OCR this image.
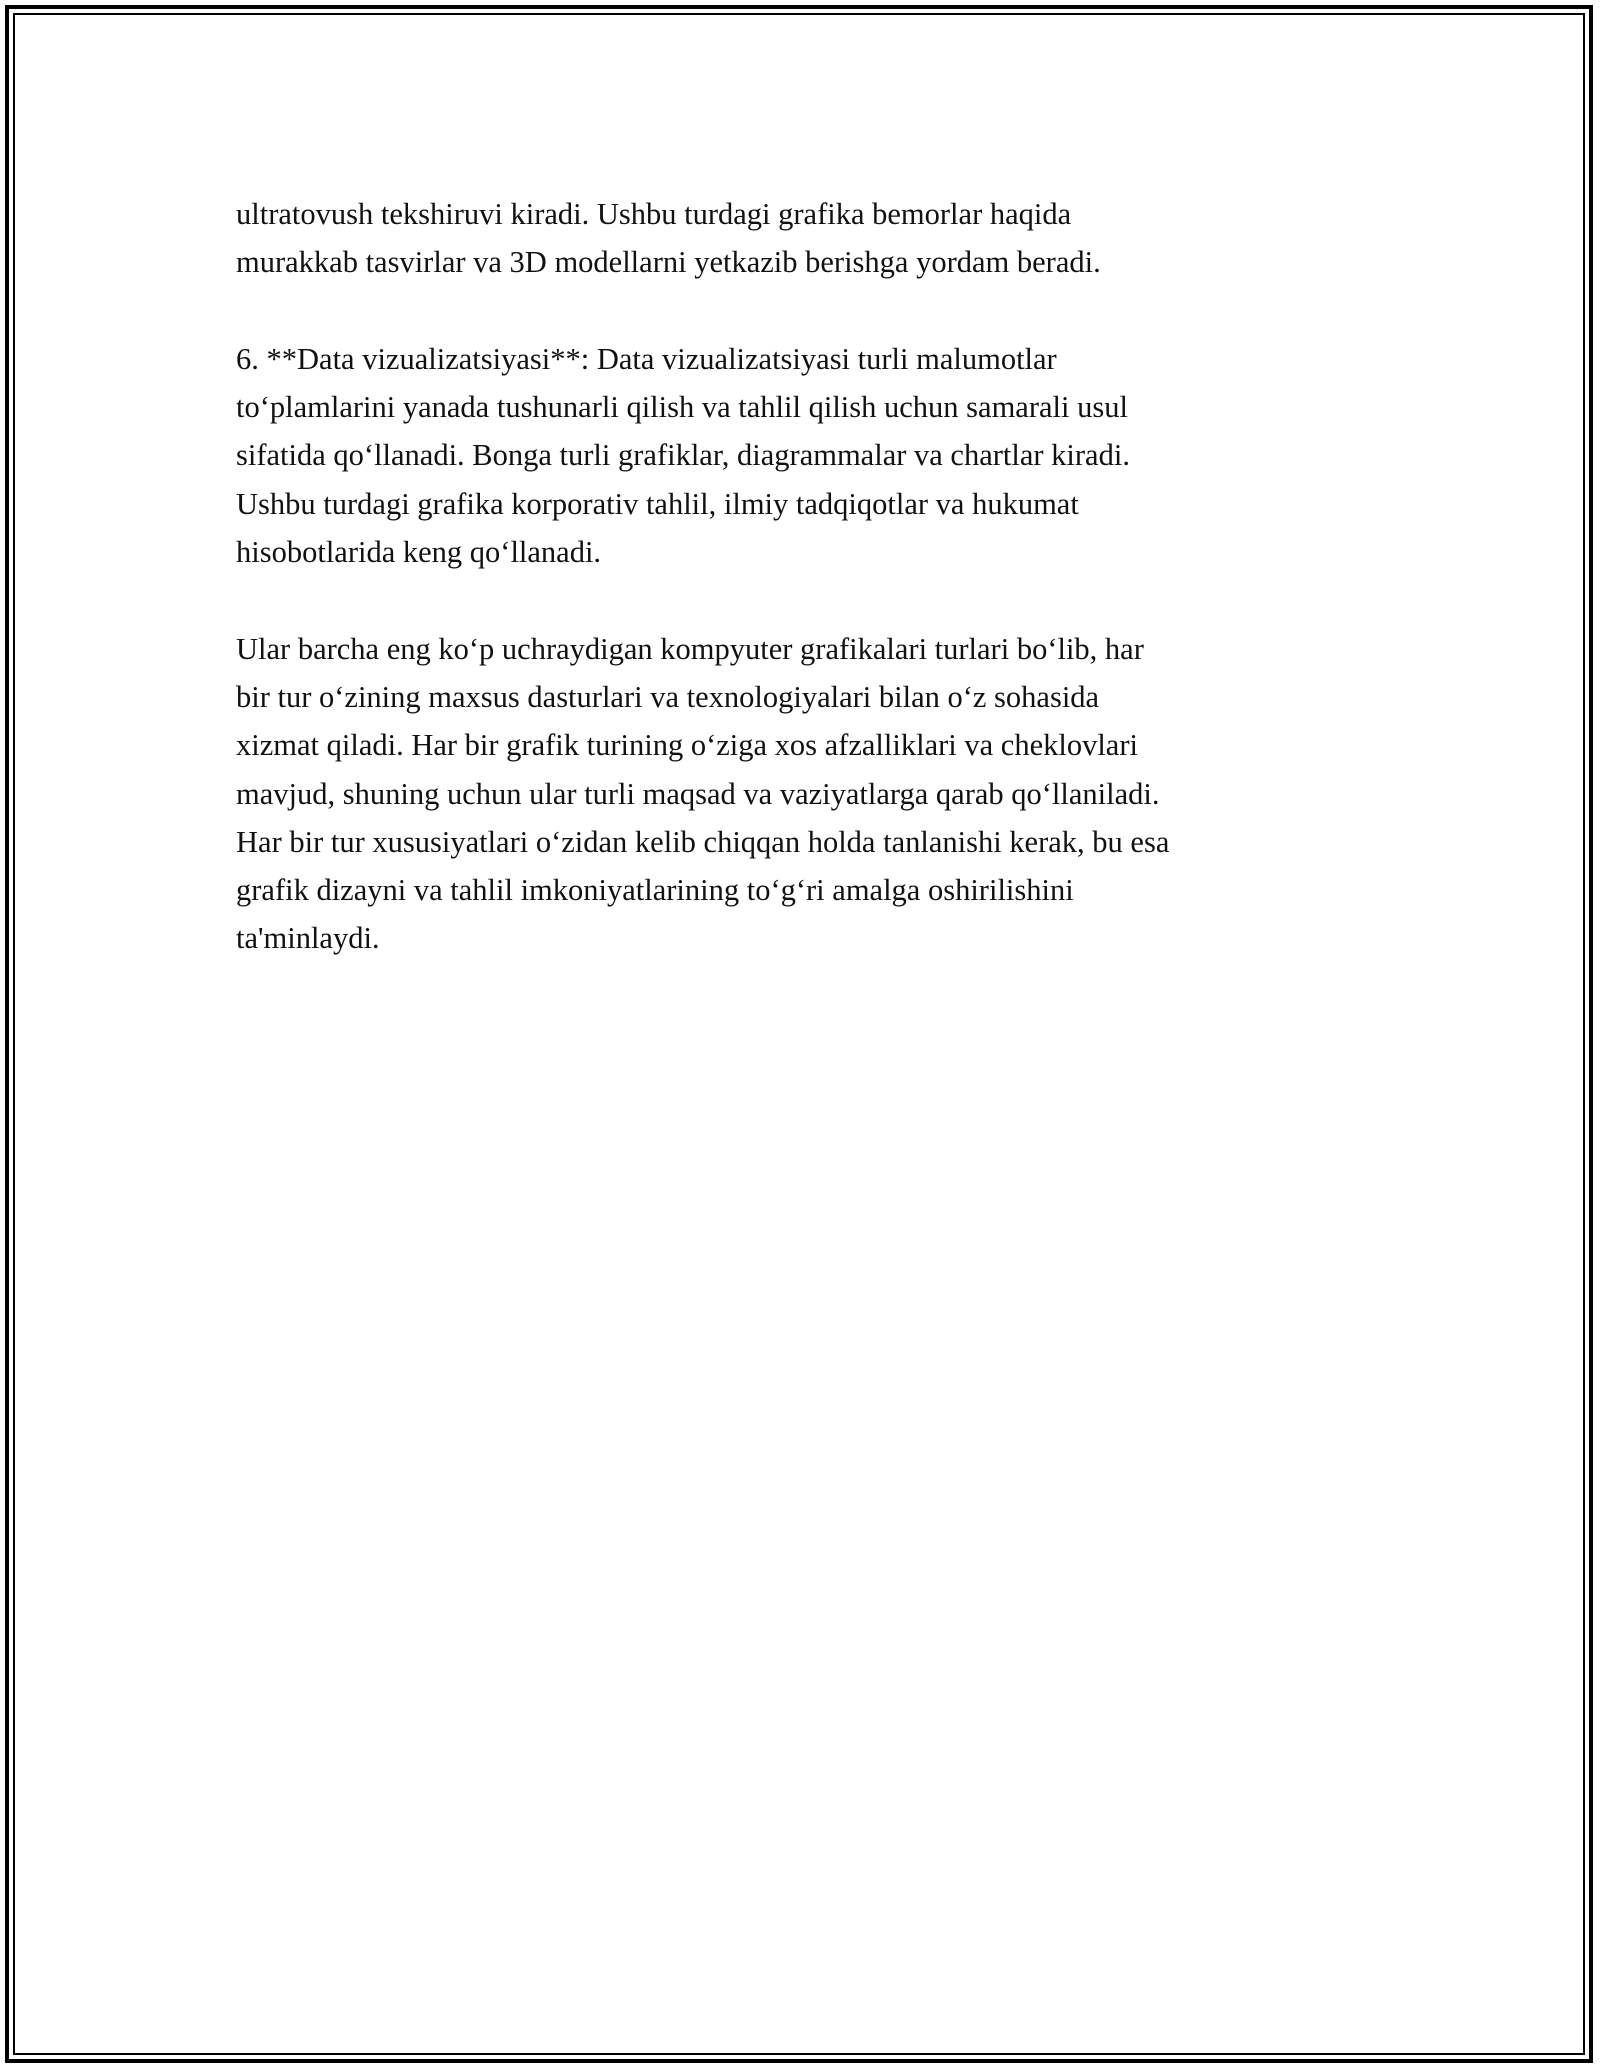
ultratovush tekshiruvi kiradi. Ushbu turdagi grafika bemorlar haqida
murakkab tasvirlar va 3D modellarni yetkazib berishga yordam beradi.
6. **Data vizualizatsiyasi**: Data vizualizatsiyasi turli malumotlar
to‘plamlarini yanada tushunarli qilish va tahlil qilish uchun samarali usul
sifatida qo‘llanadi. Bonga turli grafiklar, diagrammalar va chartlar kiradi.
Ushbu turdagi grafika korporativ tahlil, ilmiy tadqiqotlar va hukumat
hisobotlarida keng qo‘llanadi.
Ular barcha eng ko‘p uchraydigan kompyuter grafikalari turlari bo‘lib, har
bir tur o‘zining maxsus dasturlari va texnologiyalari bilan o‘z sohasida
xizmat qiladi. Har bir grafik turining o‘ziga xos afzalliklari va cheklovlari
mavjud, shuning uchun ular turli maqsad va vaziyatlarga qarab qo‘llaniladi.
Har bir tur xususiyatlari o‘zidan kelib chiqqan holda tanlanishi kerak, bu esa
grafik dizayni va tahlil imkoniyatlarining to‘g‘ri amalga oshirilishini
ta'minlaydi.
